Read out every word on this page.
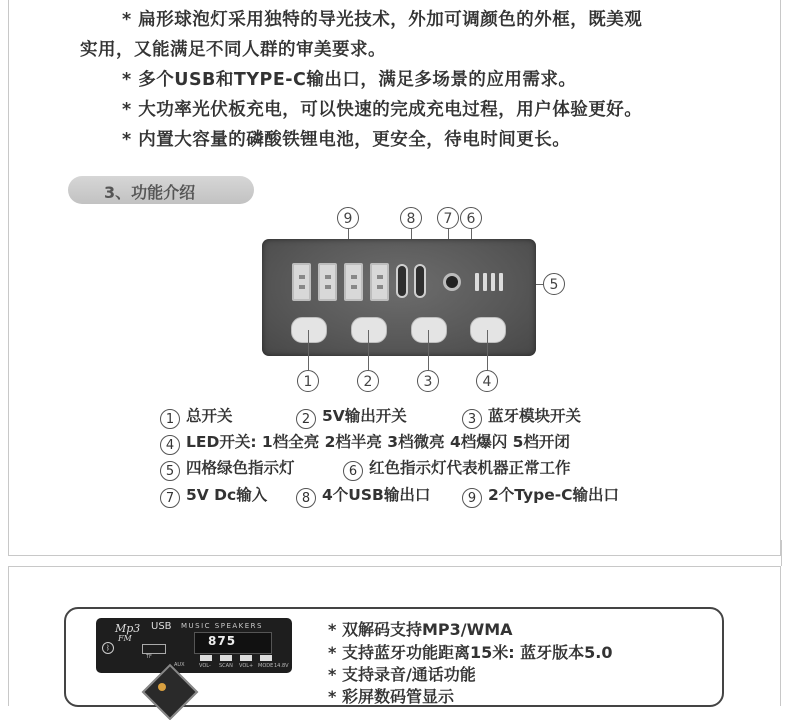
* 扁形球泡灯采用独特的导光技术，外加可调颜色的外框，既美观
实用，又能满足不同人群的审美要求。
* 多个USB和TYPE-C输出口，满足多场景的应用需求。
* 大功率光伏板充电，可以快速的完成充电过程，用户体验更好。
* 内置大容量的磷酸铁锂电池，更安全，待电时间更长。
3、功能介绍
9	8	7	6
5
1	2	3	4
1 总开关	2 5V输出开关	3 蓝牙模块开关
4 LED开关: 1档全亮 2档半亮 3档微亮 4档爆闪 5档开闭
5 四格绿色指示灯	6 红色指示灯代表机器正常工作
7 5V Dc输入	8 4个USB输出口	9 2个Type-C输出口
Mp3
FM
USB MUSIC SPEAKERS
875
ᛒ
TF
AUX	VOL- SCAN VOL+ MODE 14.8V
* 双解码支持MP3/WMA
* 支持蓝牙功能距离15米: 蓝牙版本5.0
* 支持录音/通话功能
* 彩屏数码管显示
